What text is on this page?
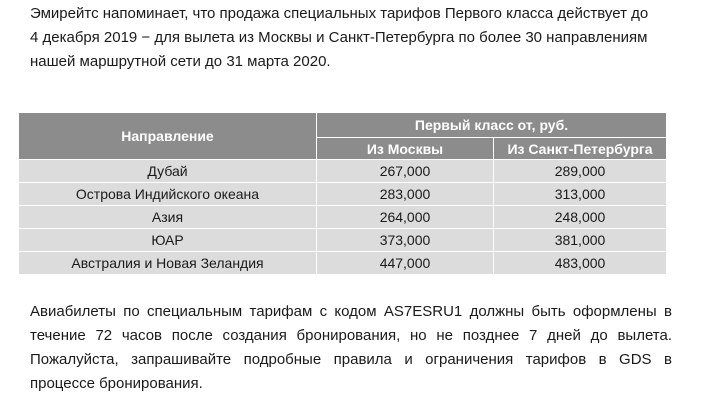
Эмирейтс напоминает, что продажа специальных тарифов Первого класса действует до
4 декабря 2019 − для вылета из Москвы и Санкт-Петербурга по более 30 направлениям
нашей маршрутной сети до 31 марта 2020.

Направление	Первый класс от, руб.	
	Из Москвы	Из Санкт-Петербурга
Дубай	267,000	289,000
Острова Индийского океана	283,000	313,000
Азия	264,000	248,000
ЮАР	373,000	381,000
Австралия и Новая Зеландия	447,000	483,000

Авиабилеты по специальным тарифам с кодом AS7ESRU1 должны быть оформлены в
течение 72 часов после создания бронирования, но не позднее 7 дней до вылета.
Пожалуйста, запрашивайте подробные правила и ограничения тарифов в GDS в
процессе бронирования.
